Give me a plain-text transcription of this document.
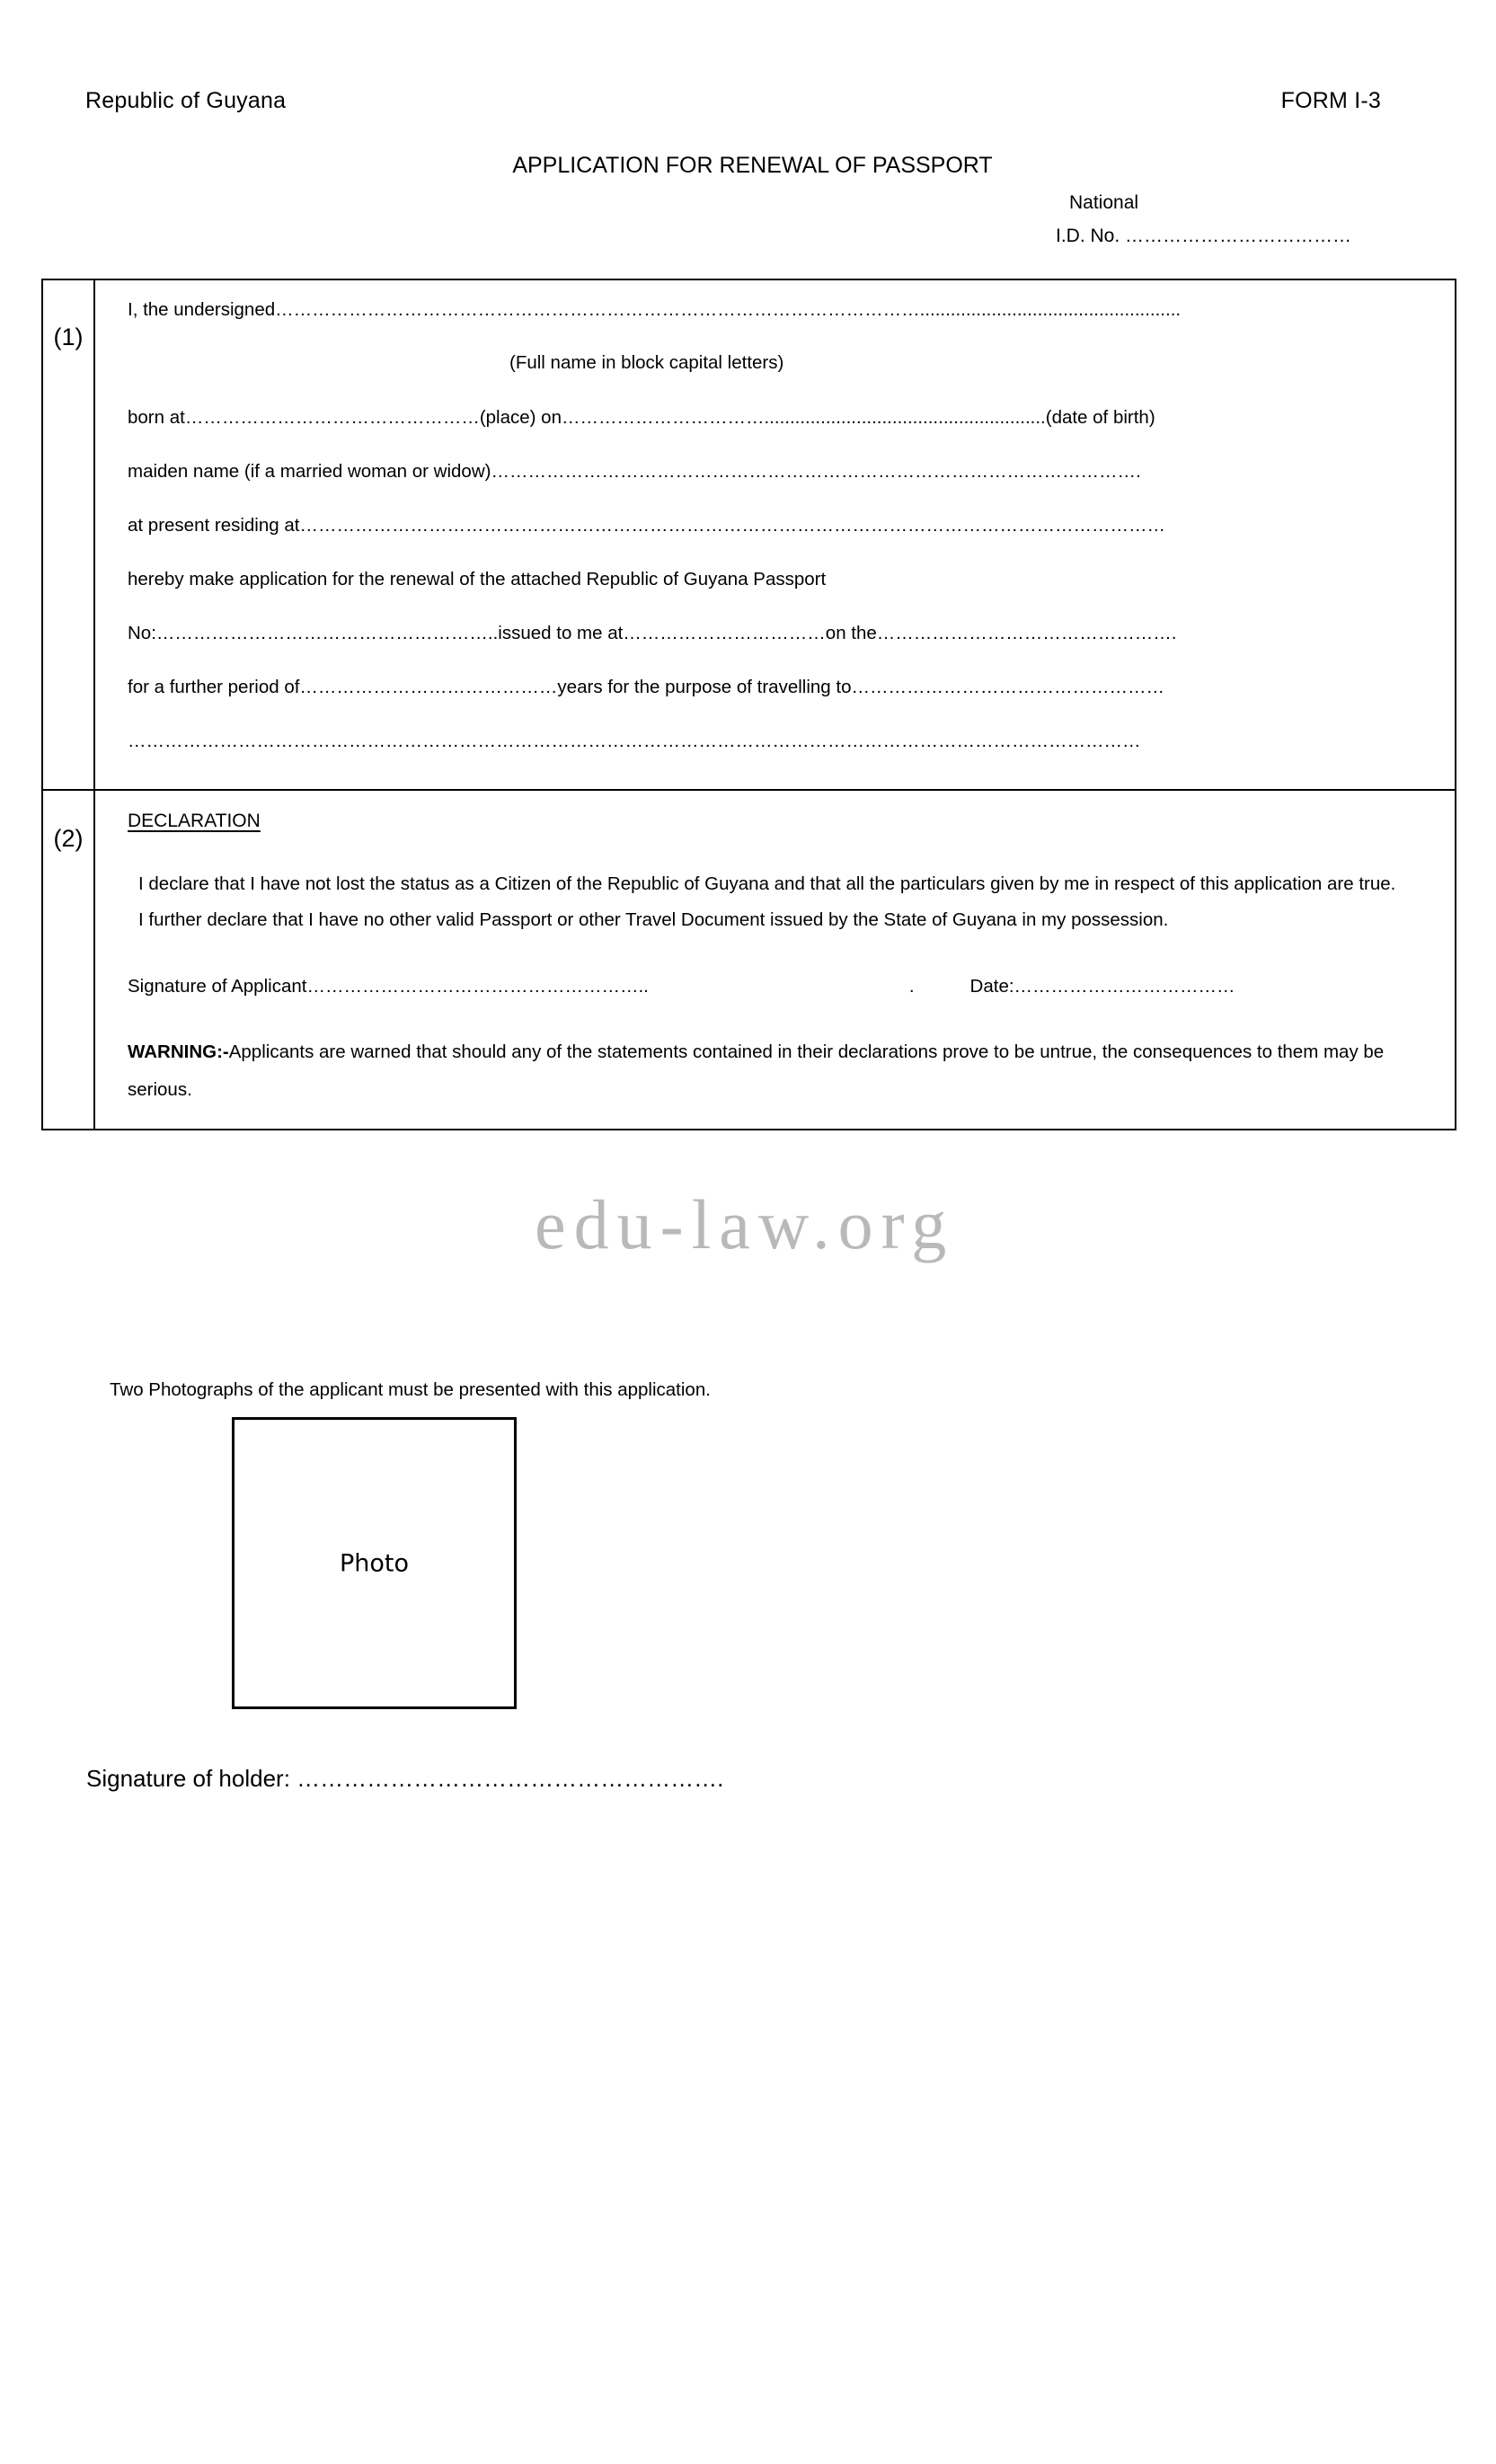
Republic of Guyana	FORM I-3
APPLICATION FOR RENEWAL OF PASSPORT
National
I.D. No. ………………………………
(1)

I, the undersigned……………………………………………………………………………………………...................................................

(Full name in block capital letters)

born at…………………………………………(place) on…………………………….......................................................(date of birth)

maiden name (if a married woman or widow)…………………………………………………………………………………………….

at present residing at……………………………………………………………………………………………………………………………

hereby make application for the renewal of the attached Republic of Guyana Passport

No:………………………………………………..issued to me at……………………………on the………………………………………….

for a further period of……………………………………years for the purpose of travelling to……………………………………………

…………………………………………………………………………………………………………………………………………………

(2)

DECLARATION

I declare that I have not lost the status as a Citizen of the Republic of Guyana and that all the particulars given by me in respect of this application are true.

I further declare that I have no other valid Passport or other Travel Document issued by the State of Guyana in my possession.

Signature of Applicant………………………………………………..	.	Date:………………………………

WARNING:-Applicants are warned that should any of the statements contained in their declarations prove to be untrue, the consequences to them may be serious.

edu-law.org
Two Photographs of the applicant must be presented with this application.
Photo
Signature of holder: ……………………………………………….
